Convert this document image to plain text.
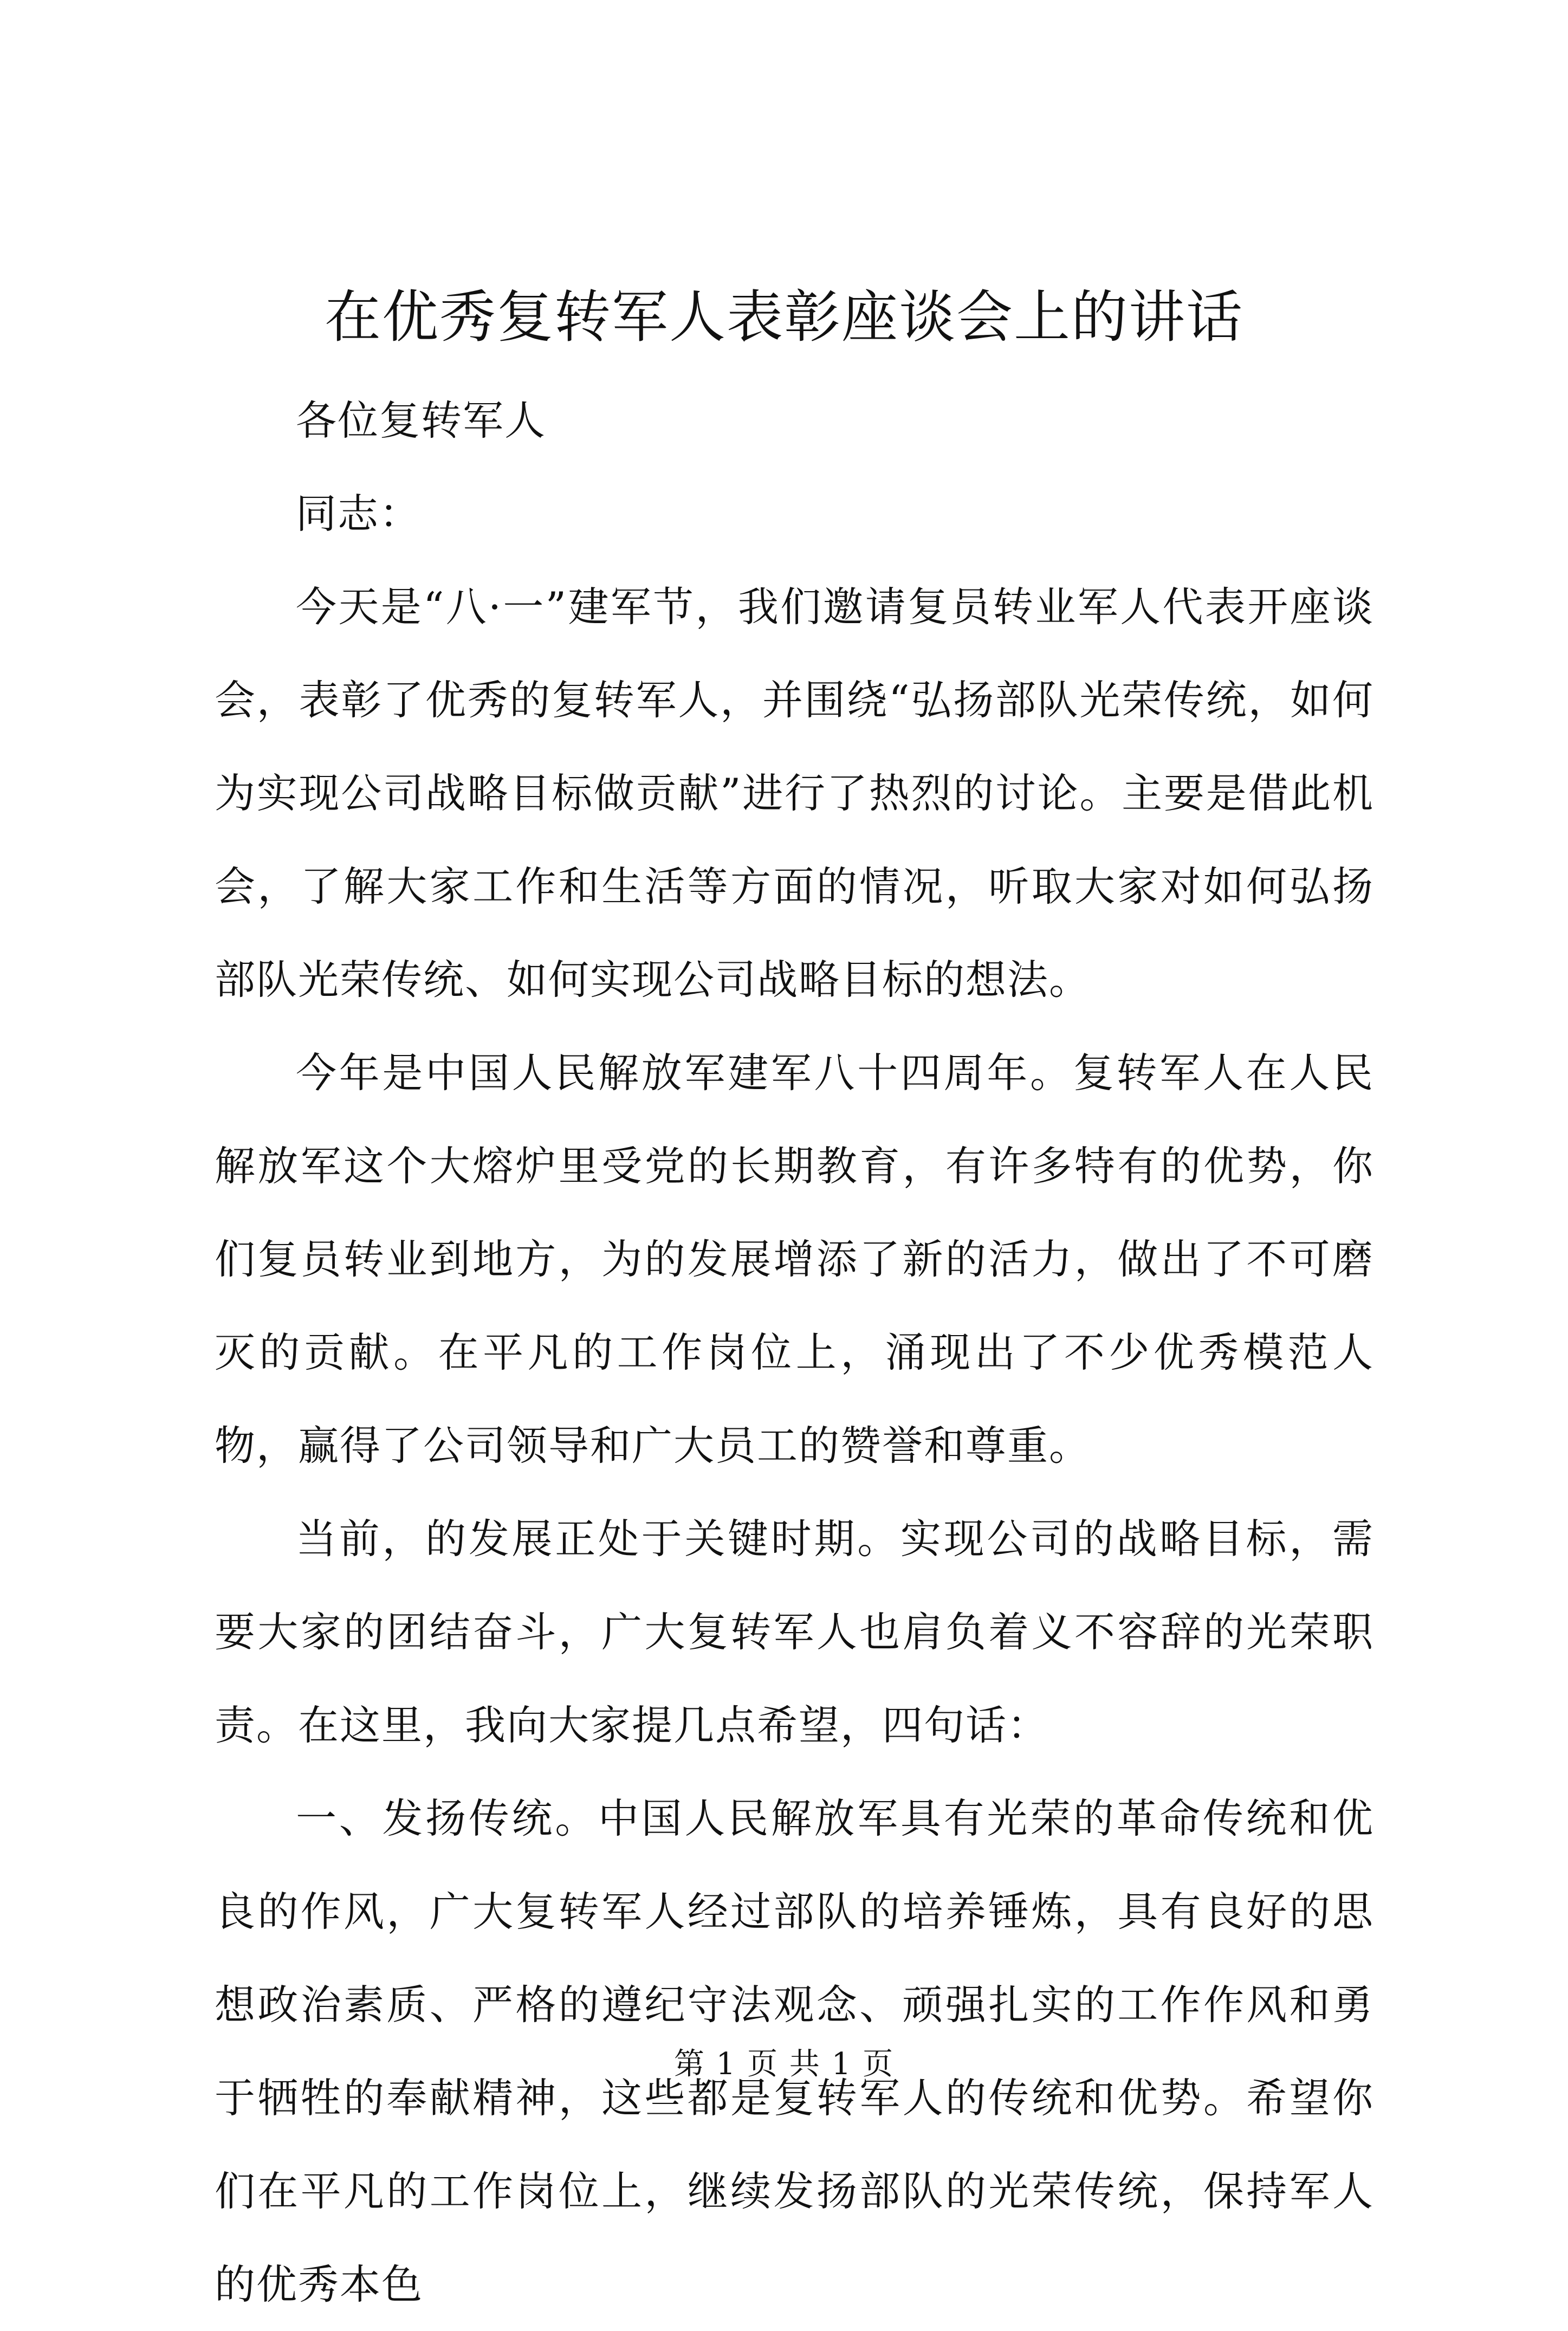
在优秀复转军人表彰座谈会上的讲话

各位复转军人

同志：

今天是“八·一”建军节，我们邀请复员转业军人代表开座谈会，表彰了优秀的复转军人，并围绕“弘扬部队光荣传统，如何为实现公司战略目标做贡献”进行了热烈的讨论。主要是借此机会，了解大家工作和生活等方面的情况，听取大家对如何弘扬部队光荣传统、如何实现公司战略目标的想法。

今年是中国人民解放军建军八十四周年。复转军人在人民解放军这个大熔炉里受党的长期教育，有许多特有的优势，你们复员转业到地方，为的发展增添了新的活力，做出了不可磨灭的贡献。在平凡的工作岗位上，涌现出了不少优秀模范人物，赢得了公司领导和广大员工的赞誉和尊重。

当前，的发展正处于关键时期。实现公司的战略目标，需要大家的团结奋斗，广大复转军人也肩负着义不容辞的光荣职责。在这里，我向大家提几点希望，四句话：

一、发扬传统。中国人民解放军具有光荣的革命传统和优良的作风，广大复转军人经过部队的培养锤炼，具有良好的思想政治素质、严格的遵纪守法观念、顽强扎实的工作作风和勇于牺牲的奉献精神，这些都是复转军人的传统和优势。希望你们在平凡的工作岗位上，继续发扬部队的光荣传统，保持军人的优秀本色

第 1 页 共 1 页
